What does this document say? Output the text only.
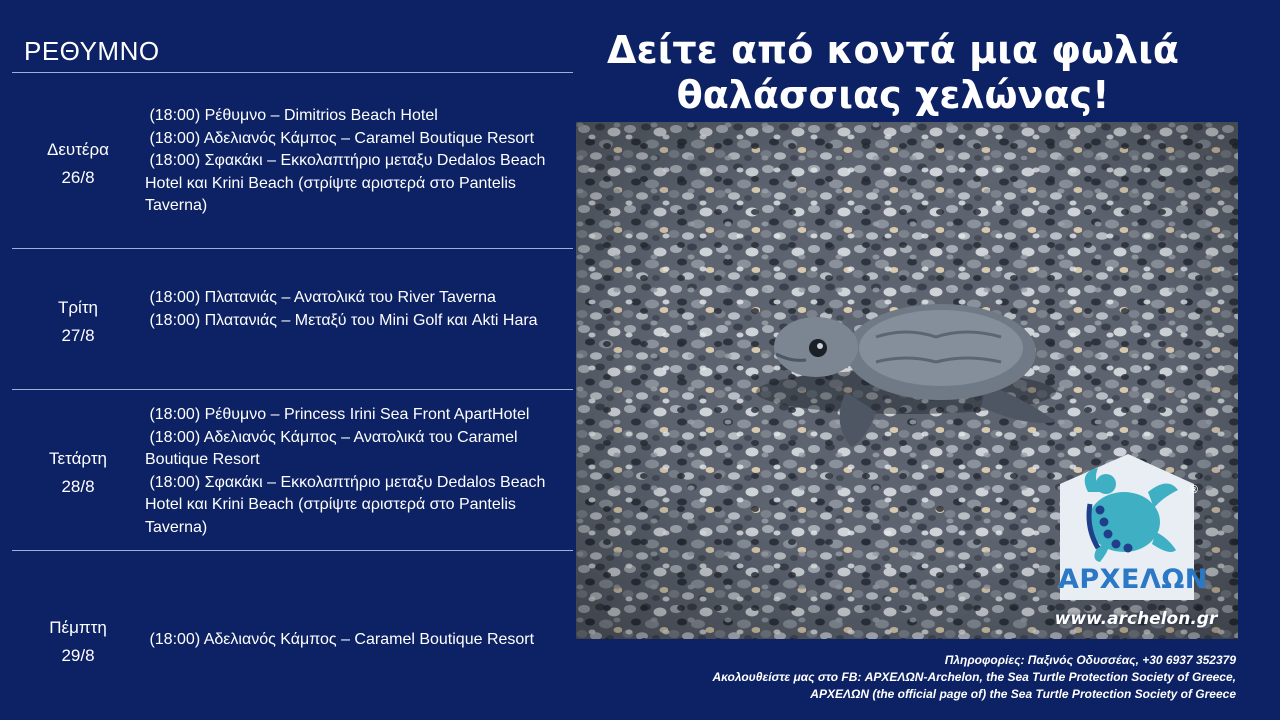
ΡΕΘΥΜΝΟ
Δευτέρα
26/8
(18:00) Ρέθυμνο – Dimitrios Beach Hotel
(18:00) Αδελιανός Κάμπος – Caramel Boutique Resort
(18:00) Σφακάκι – Εκκολαπτήριο μεταξυ Dedalos Beach Hotel και Krini Beach (στρίψτε αριστερά στο Pantelis Taverna)
Τρίτη
27/8
(18:00) Πλατανιάς – Ανατολικά του River Taverna
(18:00) Πλατανιάς – Μεταξύ του Mini Golf και Akti Hara
Τετάρτη
28/8
(18:00) Ρέθυμνο – Princess Irini Sea Front ApartHotel
(18:00) Αδελιανός Κάμπος – Ανατολικά του Caramel Boutique Resort
(18:00) Σφακάκι – Εκκολαπτήριο μεταξυ Dedalos Beach Hotel και Krini Beach (στρίψτε αριστερά στο Pantelis Taverna)
Πέμπτη
29/8
(18:00) Αδελιανός Κάμπος – Caramel Boutique Resort
Δείτε από κοντά μια φωλιά
θαλάσσιας χελώνας!
ΑΡΧΕΛΩΝ
®
www.archelon.gr
Πληροφορίες: Παξινός Οδυσσέας, +30 6937 352379
Ακολουθείστε μας στο FB: ΑΡΧΕΛΩΝ-Archelon, the Sea Turtle Protection Society of Greece,
ΑΡΧΕΛΩΝ (the official page of) the Sea Turtle Protection Society of Greece
